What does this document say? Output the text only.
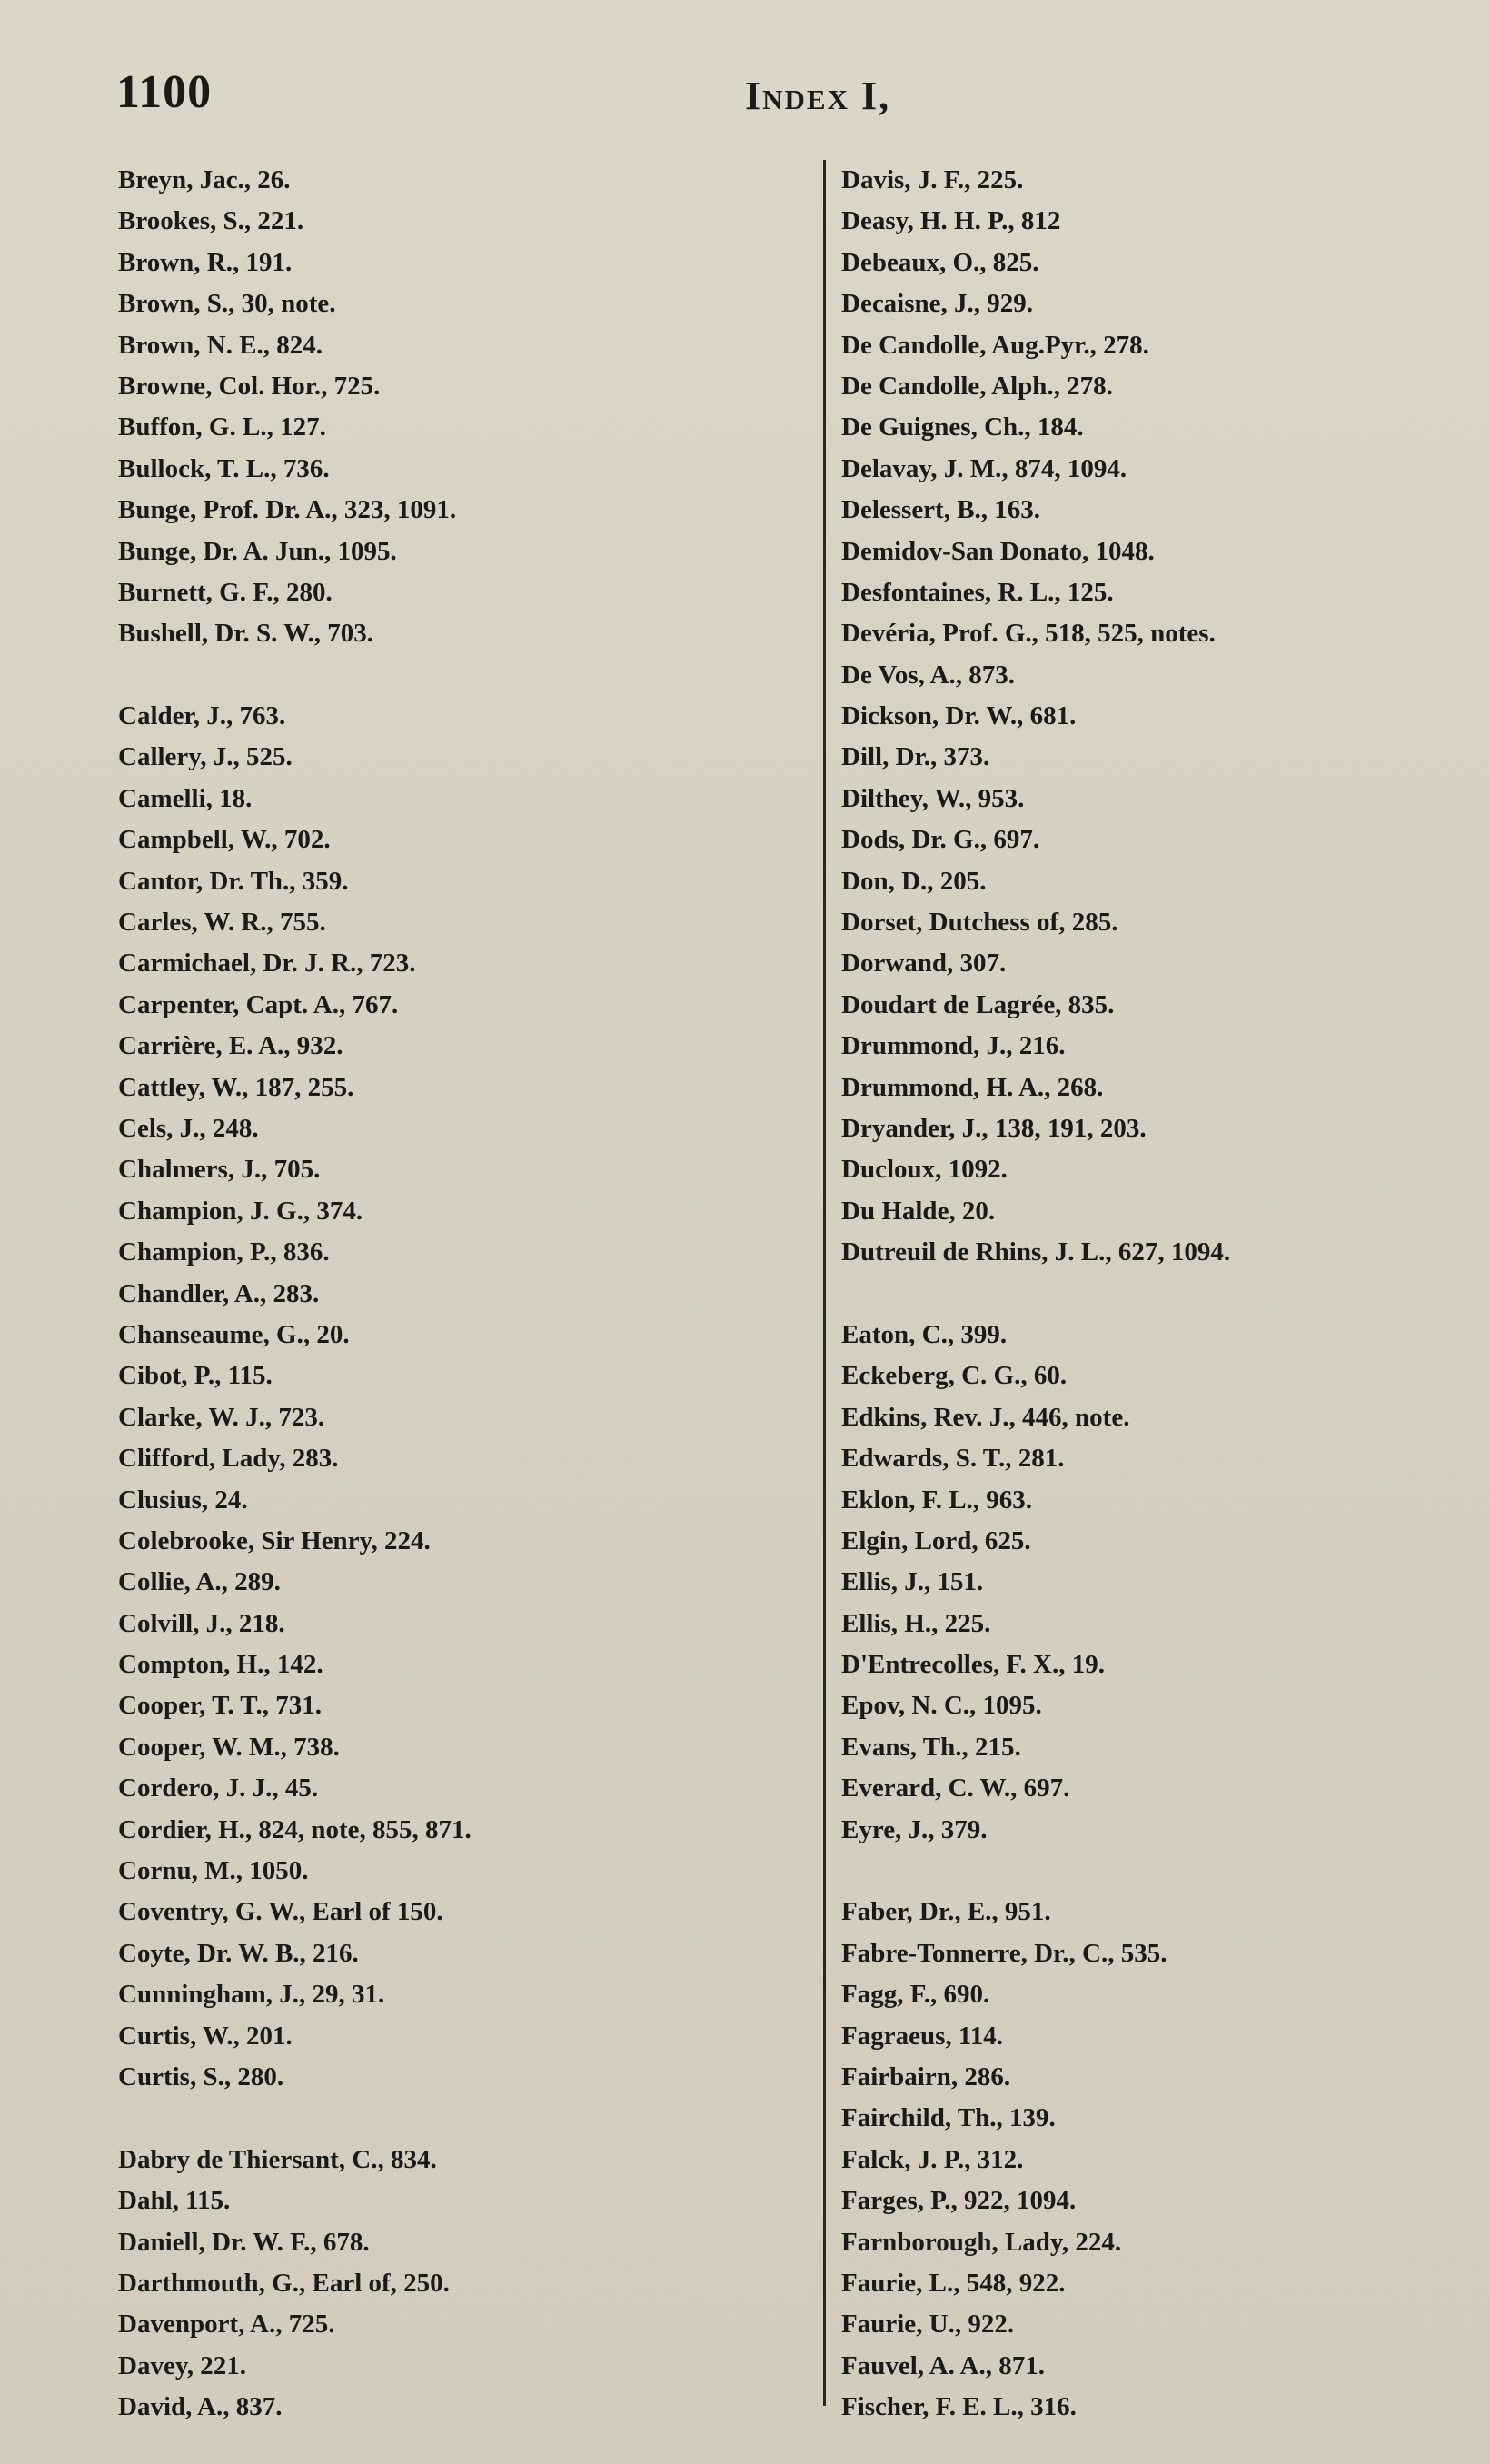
1100	Index I,
Breyn, Jac., 26.
Brookes, S., 221.
Brown, R., 191.
Brown, S., 30, note.
Brown, N. E., 824.
Browne, Col. Hor., 725.
Buffon, G. L., 127.
Bullock, T. L., 736.
Bunge, Prof. Dr. A., 323, 1091.
Bunge, Dr. A. Jun., 1095.
Burnett, G. F., 280.
Bushell, Dr. S. W., 703.
Calder, J., 763.
Callery, J., 525.
Camelli, 18.
Campbell, W., 702.
Cantor, Dr. Th., 359.
Carles, W. R., 755.
Carmichael, Dr. J. R., 723.
Carpenter, Capt. A., 767.
Carrière, E. A., 932.
Cattley, W., 187, 255.
Cels, J., 248.
Chalmers, J., 705.
Champion, J. G., 374.
Champion, P., 836.
Chandler, A., 283.
Chanseaume, G., 20.
Cibot, P., 115.
Clarke, W. J., 723.
Clifford, Lady, 283.
Clusius, 24.
Colebrooke, Sir Henry, 224.
Collie, A., 289.
Colvill, J., 218.
Compton, H., 142.
Cooper, T. T., 731.
Cooper, W. M., 738.
Cordero, J. J., 45.
Cordier, H., 824, note, 855, 871.
Cornu, M., 1050.
Coventry, G. W., Earl of 150.
Coyte, Dr. W. B., 216.
Cunningham, J., 29, 31.
Curtis, W., 201.
Curtis, S., 280.
Dabry de Thiersant, C., 834.
Dahl, 115.
Daniell, Dr. W. F., 678.
Darthmouth, G., Earl of, 250.
Davenport, A., 725.
Davey, 221.
David, A., 837.
Davis, J. F., 225.
Deasy, H. H. P., 812
Debeaux, O., 825.
Decaisne, J., 929.
De Candolle, Aug.Pyr., 278.
De Candolle, Alph., 278.
De Guignes, Ch., 184.
Delavay, J. M., 874, 1094.
Delessert, B., 163.
Demidov-San Donato, 1048.
Desfontaines, R. L., 125.
Devéria, Prof. G., 518, 525, notes.
De Vos, A., 873.
Dickson, Dr. W., 681.
Dill, Dr., 373.
Dilthey, W., 953.
Dods, Dr. G., 697.
Don, D., 205.
Dorset, Dutchess of, 285.
Dorwand, 307.
Doudart de Lagrée, 835.
Drummond, J., 216.
Drummond, H. A., 268.
Dryander, J., 138, 191, 203.
Ducloux, 1092.
Du Halde, 20.
Dutreuil de Rhins, J. L., 627, 1094.
Eaton, C., 399.
Eckeberg, C. G., 60.
Edkins, Rev. J., 446, note.
Edwards, S. T., 281.
Eklon, F. L., 963.
Elgin, Lord, 625.
Ellis, J., 151.
Ellis, H., 225.
D'Entrecolles, F. X., 19.
Epov, N. C., 1095.
Evans, Th., 215.
Everard, C. W., 697.
Eyre, J., 379.
Faber, Dr., E., 951.
Fabre-Tonnerre, Dr., C., 535.
Fagg, F., 690.
Fagraeus, 114.
Fairbairn, 286.
Fairchild, Th., 139.
Falck, J. P., 312.
Farges, P., 922, 1094.
Farnborough, Lady, 224.
Faurie, L., 548, 922.
Faurie, U., 922.
Fauvel, A. A., 871.
Fischer, F. E. L., 316.
